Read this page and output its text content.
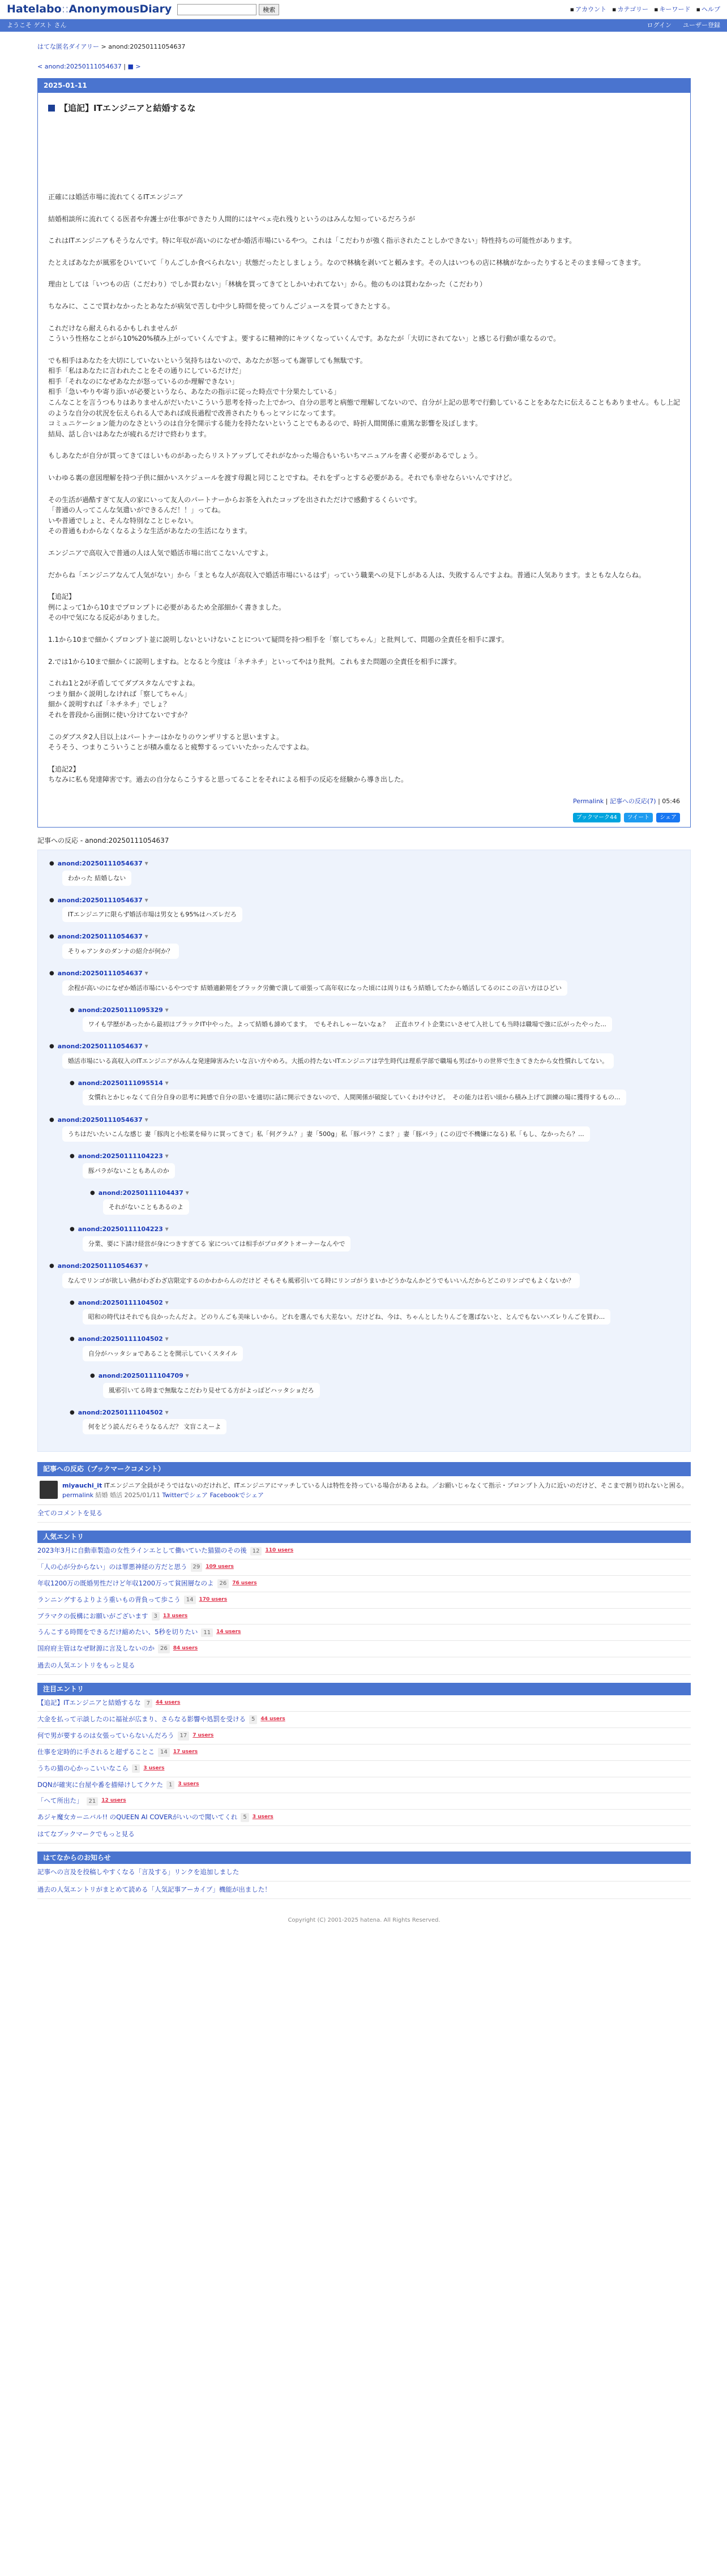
Hatelabo::AnonymousDiary	検索	▪ アカウント ▪ カテゴリー ▪ キーワード ▪ ヘルプ
ようこそ ゲスト さん	ログイン ユーザー登録
はてな匿名ダイアリー > anond:20250111054637
< anond:20250111054637 | ■ >
2025-01-11
【追記】ITエンジニアと結婚するな

正確には婚活市場に流れてくるITエンジニア

結婚相談所に流れてくる医者や弁護士が仕事ができたり人間的にはヤベェ売れ残りというのはみんな知っているだろうが

これはITエンジニアもそうなんです。特に年収が高いのになぜか婚活市場にいるやつ。これは「こだわりが強く指示されたことしかできない」特性持ちの可能性があります。

たとえばあなたが風邪をひいていて「りんごしか食べられない」状態だったとしましょう。なので林檎を剥いてと頼みます。その人はいつもの店に林檎がなかったりするとそのまま帰ってきます。

理由としては「いつもの店（こだわり）でしか買わない」「林檎を買ってきてとしかいわれてない」から。他のものは買わなかった（こだわり）

ちなみに、ここで買わなかったとあなたが病気で苦しむ中少し時間を使ってりんごジュースを買ってきたとする。

これだけなら耐えられるかもしれませんが
こういう性格なことがら10%20%積み上がっていくんですよ。要するに精神的にキツくなっていくんです。あなたが「大切にされてない」と感じる行動が重なるので。

でも相手はあなたを大切にしていないという気持ちはないので、あなたが怒っても謝罪しても無駄です。
相手「私はあなたに言われたことをその通りにしているだけだ」
相手「それなのになぜあなたが怒っているのか理解できない」
相手「急いやりや寄り添いが必要というなら、あなたの指示に従った時点で十分果たしている」
こんなことを言うつもりはありませんがだいたいこういう思考を持った上でかつ、自分の思考と病態で理解してないので、自分が上記の思考で行動していることをあなたに伝えることもありません。もし上記のような自分の状況を伝えられる人であれば成長過程で改善されたりもっとマシになってます。
コミュニケーション能力のなさというのは自分を開示する能力を持たないということでもあるので、時折人間関係に重篤な影響を及ぼします。
結局、話し合いはあなたが疲れるだけで終わります。

もしあなたが自分が買ってきてほしいものがあったらリストアップしてそれがなかった場合もいちいちマニュアルを書く必要があるでしょう。

いわゆる裏の意図理解を持つ子供に細かいスケジュールを渡す母親と同じことですね。それをずっとする必要がある。それでも幸せならいいんですけど。

その生活が過酷すぎて友人の家にいって友人のパートナーからお茶を入れたコップを出されただけで感動するくらいです。
「普通の人ってこんな気遣いができるんだ！！」ってね。
いや普通でしょと、そんな特別なことじゃない。
その普通もわからなくなるような生活があなたの生活になります。

エンジニアで高収入で普通の人は人気で婚活市場に出てこないんですよ。

だからね「エンジニアなんて人気がない」から「まともな人が高収入で婚活市場にいるはず」っていう職業への見下しがある人は、失敗するんですよね。普通に人気あります。まともな人ならね。

【追記】
例によって1から10までプロンプトに必要があるため全部細かく書きました。
その中で気になる反応がありました。

1.1から10まで細かくプロンプト並に説明しないといけないことについて疑問を持つ相手を「察してちゃん」と批判して、問題の全責任を相手に課す。

2.では1から10まで細かくに説明しますね。となると今度は「ネチネチ」といってやはり批判。これもまた問題の全責任を相手に課す。

これね1と2が矛盾しててダブスタなんですよね。
つまり細かく説明しなければ「察してちゃん」
細かく説明すれば「ネチネチ」でしょ？
それを普段から面倒に使い分けてないですか？

このダブスタ2人目以上はパートナーはかなりのウンザリすると思いますよ。
そうそう、つまりこういうことが積み重なると疲弊するっていいたかったんですよね。

【追記2】
ちなみに私も発達障害です。過去の自分ならこうすると思ってることをそれによる相手の反応を経験から導き出した。

Permalink | 記事への反応(7) | 05:46
ブックマーク44	ツイート	シェア
記事への反応 - anond:20250111054637
● anond:20250111054637 ▾
わかった 結婚しない
● anond:20250111054637 ▾
ITエンジニアに限らず婚活市場は男女とも95%はハズレだろ
● anond:20250111054637 ▾
そりゃアンタのダンナの紹介が何か？
● anond:20250111054637 ▾
余程が高いのになぜか婚活市場にいるやつです 結婚適齢期をブラック労働で潰して頑張って高年収になった頃には周りはもう結婚してたから婚活してるのにこの言い方はひどい
● anond:20250111095329 ▾
ワイも学歴があったから最初はブラックIT中やった。よって結婚も諦めてます。　でもそれしゃーないなぁ？　正直ホワイト企業にいさせて入社しても当時は職場で強に広がったやった...
● anond:20250111054637 ▾
婚活市場にいる高収入のITエンジニアがみんな発達障害みたいな言い方やめろ。大抵の持たないITエンジニアは学生時代は理系学部で職場も男ばかりの世界で生きてきたから女性慣れしてない。
● anond:20250111095514 ▾
女慣れとかじゃなくて自分自身の思考に鈍感で自分の思いを適切に話に開示できないので、人間関係が破綻していくわけやけど。　その能力は若い頃から積み上げて訓練の場に獲得するもの...
● anond:20250111054637 ▾
うちはだいたいこんな感じ 妻「豚肉と小松菜を帰りに買ってきて」私「何グラム？」妻「500g」私「豚バラ？こま？」妻「豚バラ」(この辺で不機嫌になる) 私「もし、なかったら？...
● anond:20250111104223 ▾
豚バラがないこともあんのか
● anond:20250111104437 ▾
それがないこともあるのよ
● anond:20250111104223 ▾
分業、要に下請け経営が身につきすぎてる 家については相手がプロダクトオーナーなんやで
● anond:20250111054637 ▾
なんでリンゴが欲しい熱がわざわざ店限定するのかわからんのだけど そもそも風邪引いてる時にリンゴがうまいかどうかなんかどうでもいいんだからどこのリンゴでもよくないか？
● anond:20250111104502 ▾
昭和の時代はそれでも良かったんだよ。どのりんごも美味しいから。どれを選んでも大差ない。だけどね、今は、ちゃんとしたりんごを選ばないと、とんでもないハズレりんごを買わ...
● anond:20250111104502 ▾
自分がハッタショであることを開示していくスタイル
● anond:20250111104709 ▾
風邪引いてる時まで無駄なこだわり見せてる方がよっぽどハッタショだろ
● anond:20250111104502 ▾
何をどう読んだらそうなるんだ？ 文盲こえーよ
記事への反応（ブックマークコメント）
miyauchi_it ITエンジニア全員がそうではないのだけれど、ITエンジニアにマッチしている人は特性を持っている場合があるよね。／お願いじゃなくて指示・プロンプト入力に近いのだけど、そこまで割り切れないと困る。
permalink 結婚 婚活 2025/01/11 Twitterでシェア Facebookでシェア
全てのコメントを見る
人気エントリ
2023年3月に自動車製造の女性ラインエとして働いていた猫猫のその後	12	110 users
「人の心が分からない」のは罪悪神経の方だと思う	29	109 users
年収1200万の既婚男性だけど年収1200万って貧困層なのよ	26	76 users
ランニングするよりよう重いもの背負って歩こう	14	170 users
ブラマクの仮構にお願いがございます	3	13 users
うんこする時間をできるだけ縮めたい、5秒を切りたい	11	14 users
国府府主管はなぜ財源に言及しないのか	26	84 users
過去の人気エントリをもっと見る
注目エントリ
【追記】ITエンジニアと結婚するな	7	44 users
大金を払って示談したのに福祉が広まり、さらなる影響や処罰を受ける	5	44 users
何で男が要するのは女張っていらないんだろう	17	7 users
仕事を定時的に手されると超ずることこ	14	17 users
うちの猫の心かっこいいなこら	1	3 users
DQNが確実に台屋や番を描帰けしてクケた	1	3 users
「ヘて所出た」	21	12 users
あジャ魔女カーニバル!! のQUEEN AI COVERがいいので聞いてくれ	5	3 users
はてなブックマークでもっと見る
はてなからのお知らせ
記事への言及を投稿しやすくなる「言及する」リンクを追加しました
過去の人気エントリがまとめて読める「人気記事アーカイブ」機能が出ました！
Copyright (C) 2001-2025 hatena. All Rights Reserved.
